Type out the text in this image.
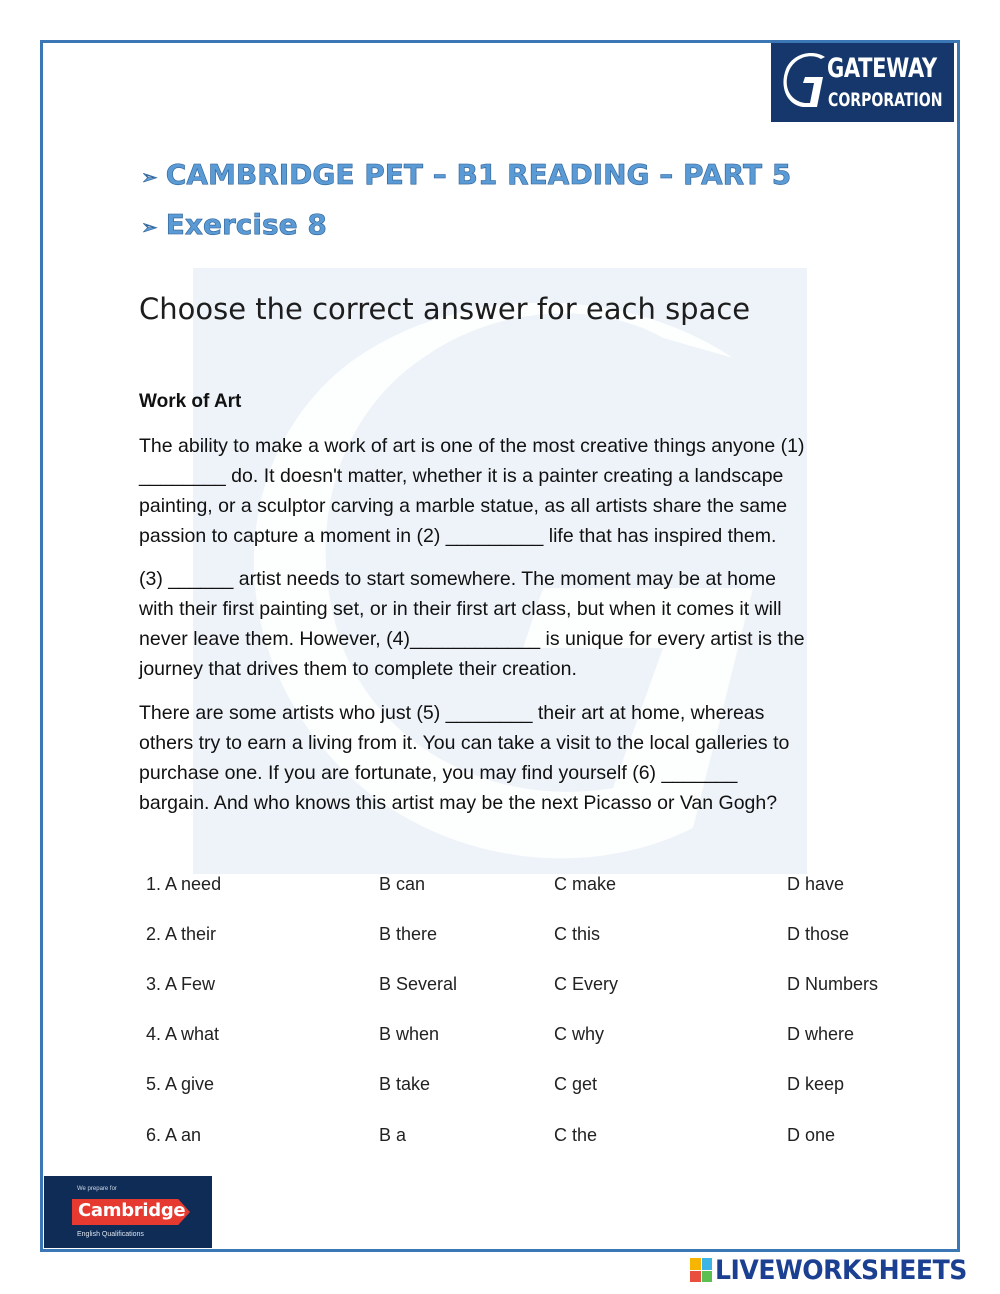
GATEWAY
CORPORATION
➢ CAMBRIDGE PET – B1 READING – PART 5
➢ Exercise 8
Choose the correct answer for each space
Work of Art
The ability to make a work of art is one of the most creative things anyone (1)
________ do. It doesn't matter, whether it is a painter creating a landscape
painting, or a sculptor carving a marble statue, as all artists share the same
passion to capture a moment in (2) _________ life that has inspired them.
(3) ______ artist needs to start somewhere. The moment may be at home
with their first painting set, or in their first art class, but when it comes it will
never leave them. However, (4)____________ is unique for every artist is the
journey that drives them to complete their creation.
There are some artists who just (5) ________ their art at home, whereas
others try to earn a living from it. You can take a visit to the local galleries to
purchase one. If you are fortunate, you may find yourself (6) _______
bargain. And who knows this artist may be the next Picasso or Van Gogh?
1. A need	B can	C make	D have
2. A their	B there	C this	D those
3. A Few	B Several	C Every	D Numbers
4. A what	B when	C why	D where
5. A give	B take	C get	D keep
6. A an	B a	C the	D one
We prepare for
Cambridge
English Qualifications
LIVEWORKSHEETS
